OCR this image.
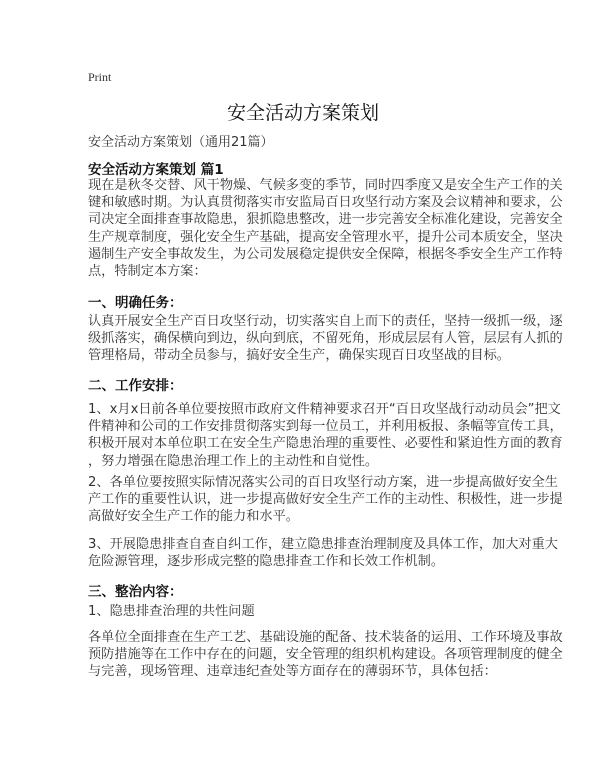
Print
安全活动方案策划
安全活动方案策划（通用21篇）
安全活动方案策划 篇1
现在是秋冬交替、风干物燥、气候多变的季节，同时四季度又是安全生产工作的关
键和敏感时期。为认真贯彻落实市安监局百日攻坚行动方案及会议精神和要求，公
司决定全面排查事故隐患，狠抓隐患整改，进一步完善安全标准化建设，完善安全
生产规章制度，强化安全生产基础，提高安全管理水平，提升公司本质安全，坚决
遏制生产安全事故发生，为公司发展稳定提供安全保障，根据冬季安全生产工作特
点，特制定本方案：
一、明确任务：
认真开展安全生产百日攻坚行动，切实落实自上而下的责任，坚持一级抓一级，逐
级抓落实，确保横向到边，纵向到底，不留死角，形成层层有人管，层层有人抓的
管理格局，带动全员参与，搞好安全生产，确保实现百日攻坚战的目标。
二、工作安排：
1、x月x日前各单位要按照市政府文件精神要求召开“百日攻坚战行动动员会”把文
件精神和公司的工作安排贯彻落实到每一位员工，并利用板报、条幅等宣传工具，
积极开展对本单位职工在安全生产隐患治理的重要性、必要性和紧迫性方面的教育
，努力增强在隐患治理工作上的主动性和自觉性。
2、各单位要按照实际情况落实公司的百日攻坚行动方案，进一步提高做好安全生
产工作的重要性认识，进一步提高做好安全生产工作的主动性、积极性，进一步提
高做好安全生产工作的能力和水平。
3、开展隐患排查自查自纠工作，建立隐患排查治理制度及具体工作，加大对重大
危险源管理，逐步形成完整的隐患排查工作和长效工作机制。
三、整治内容：
1、隐患排查治理的共性问题
各单位全面排查在生产工艺、基础设施的配备、技术装备的运用、工作环境及事故
预防措施等在工作中存在的问题，安全管理的组织机构建设。各项管理制度的健全
与完善，现场管理、违章违纪查处等方面存在的薄弱环节，具体包括：
